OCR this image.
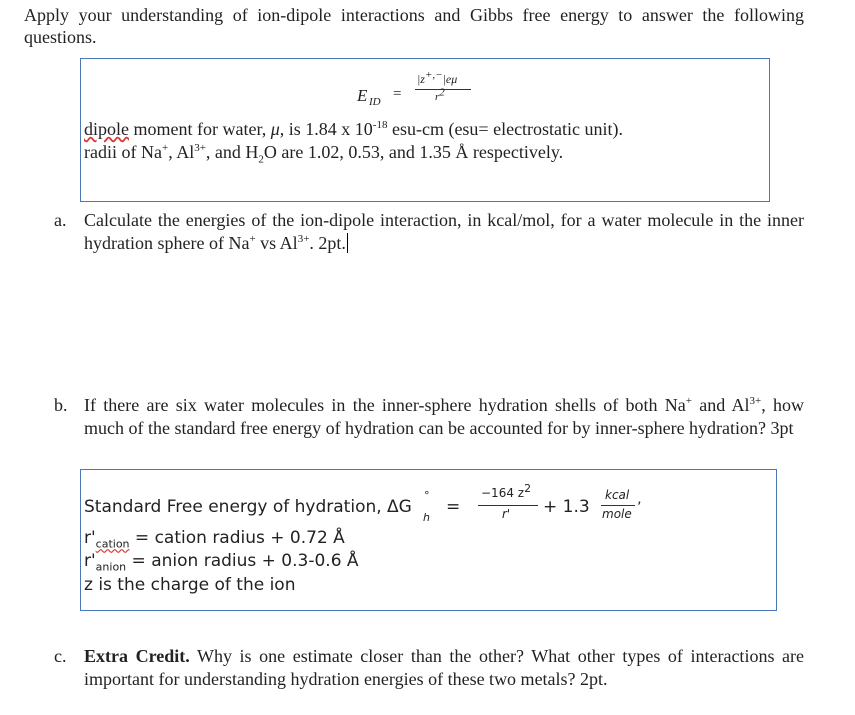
Apply your understanding of ion-dipole interactions and Gibbs free energy to answer the following questions.
E ID =
|z+,−|eμ
$r^2$
dipole moment for water, μ, is 1.84 x $10^{-18}$ esu-cm (esu= electrostatic unit).
radii of Na+, $Al^{3+}$, and $H_2O$ are 1.02, 0.53, and 1.35 Å respectively.
a. Calculate the energies of the ion-dipole interaction, in kcal/mol, for a water molecule in the inner hydration sphere of Na+ vs $Al^{3+}$. 2pt.
b. If there are six water molecules in the inner-sphere hydration shells of both Na+ and $Al^{3+}$, how much of the standard free energy of hydration can be accounted for by inner-sphere hydration? 3pt
Standard Free energy of hydration, ΔG
°
h
=
−164 $z^2$
r' + 1.3
kcal
mole ’
$r'_{cation}$ = cation radius + 0.72 Å
$r'_{anion}$ = anion radius + 0.3-0.6 Å
z is the charge of the ion
c. Extra Credit. Why is one estimate closer than the other? What other types of interactions are important for understanding hydration energies of these two metals? 2pt.
